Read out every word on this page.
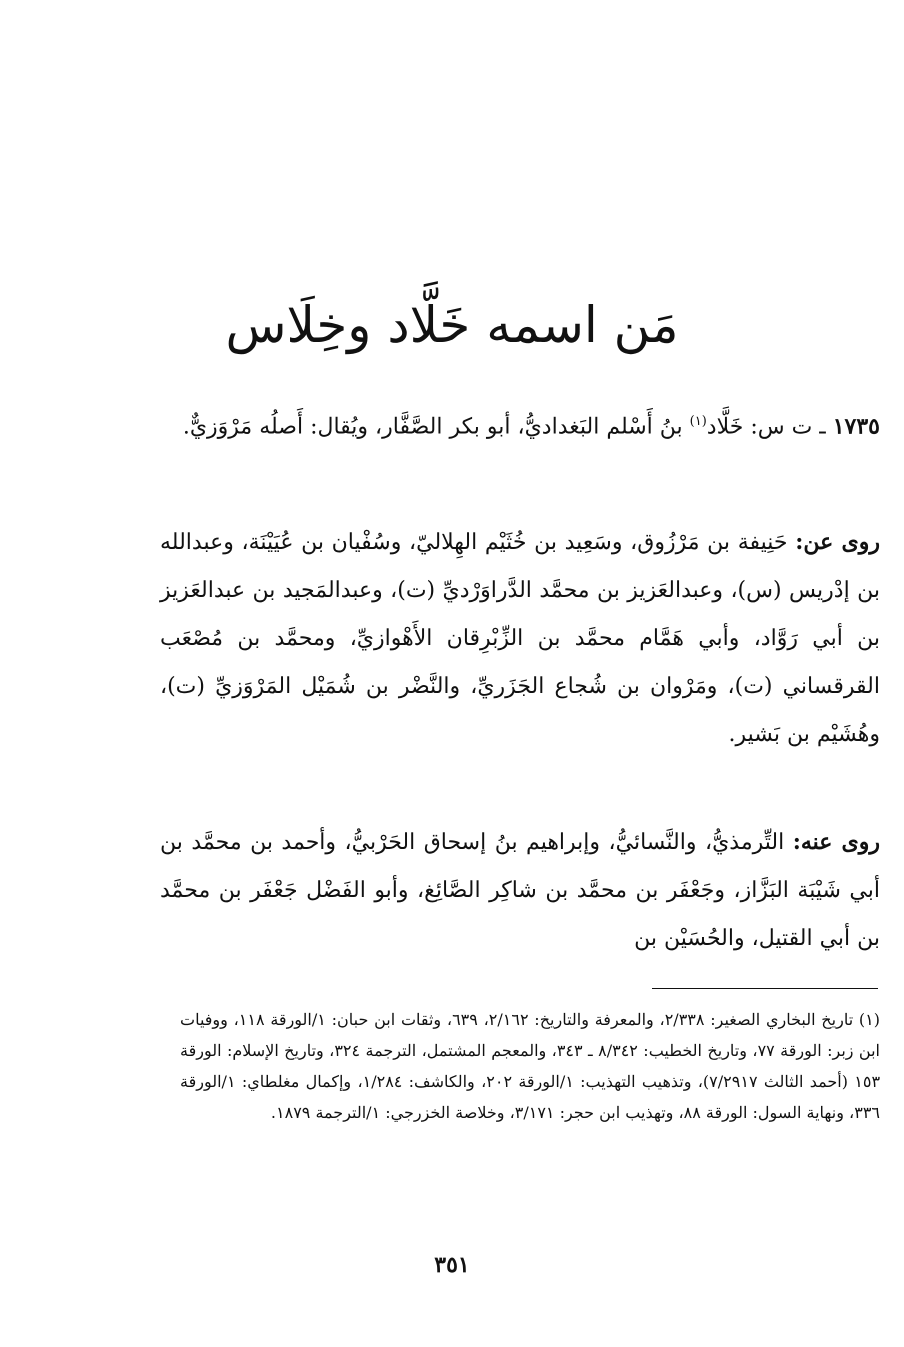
مَن اسمه خَلَّاد وخِلَاس
١٧٣٥ ـ ت س: خَلَّاد$^{(١)}$ بنُ أَسْلم البَغداديُّ، أبو بكر الصَّفَّار، ويُقال: أَصلُه مَرْوَزيٌّ.
روى عن: حَنِيفة بن مَرْزُوق، وسَعِيد بن خُثَيْم الهِلاليّ، وسُفْيان بن عُيَيْنَة، وعبدالله بن إدْريس (س)، وعبدالعَزيز بن محمَّد الدَّراوَرْديِّ (ت)، وعبدالمَجيد بن عبدالعَزيز بن أبي رَوَّاد، وأبي هَمَّام محمَّد بن الزِّبْرِقان الأَهْوازيِّ، ومحمَّد بن مُصْعَب القرقساني (ت)، ومَرْوان بن شُجاع الجَزَريِّ، والنَّضْر بن شُمَيْل المَرْوَزيِّ (ت)، وهُشَيْم بن بَشير.
روى عنه: التِّرمذيُّ، والنَّسائيُّ، وإبراهيم بنُ إسحاق الحَرْبيُّ، وأحمد بن محمَّد بن أبي شَيْبَة البَزَّاز، وجَعْفَر بن محمَّد بن شاكِر الصَّائِغ، وأبو الفَضْل جَعْفَر بن محمَّد بن أبي القتيل، والحُسَيْن بن
(١) تاريخ البخاري الصغير: ٢/٣٣٨، والمعرفة والتاريخ: ٢/١٦٢، ٦٣٩، وثقات ابن حبان: ١/الورقة ١١٨، ووفيات ابن زبر: الورقة ٧٧، وتاريخ الخطيب: ٨/٣٤٢ ـ ٣٤٣، والمعجم المشتمل، الترجمة ٣٢٤، وتاريخ الإسلام: الورقة ١٥٣ (أحمد الثالث ٧/٢٩١٧)، وتذهيب التهذيب: ١/الورقة ٢٠٢، والكاشف: ١/٢٨٤، وإكمال مغلطاي: ١/الورقة ٣٣٦، ونهاية السول: الورقة ٨٨، وتهذيب ابن حجر: ٣/١٧١، وخلاصة الخزرجي: ١/الترجمة ١٨٧٩.
٣٥١
